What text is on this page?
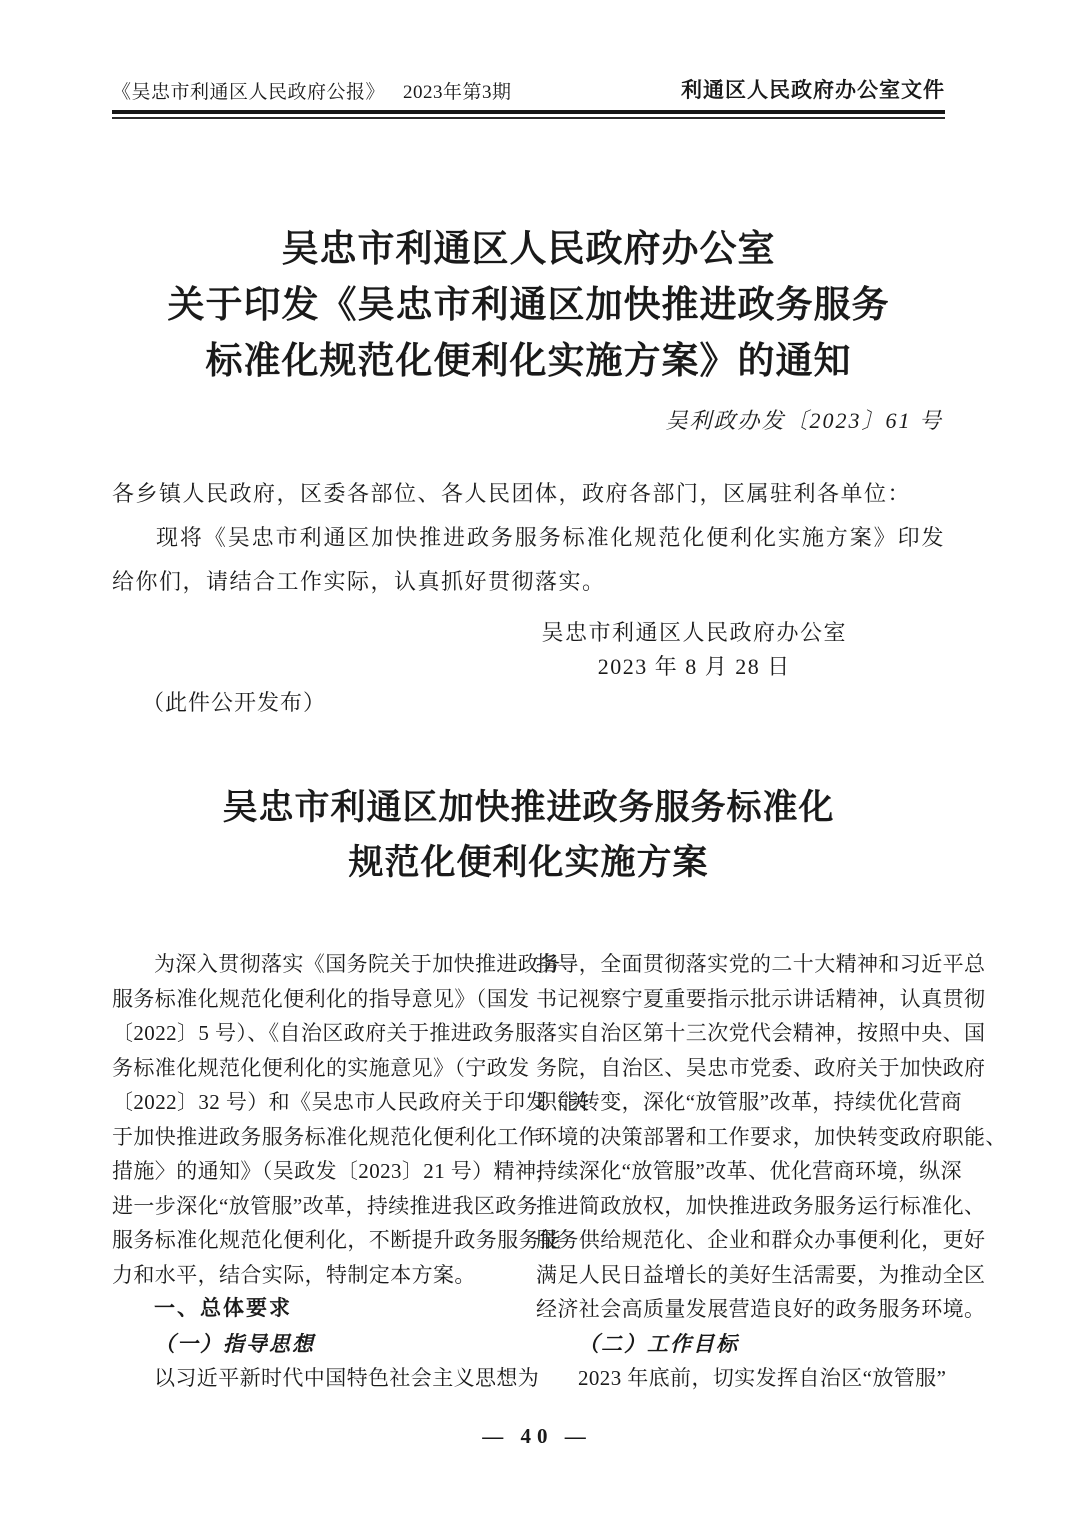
《吴忠市利通区人民政府公报》 2023年第3期	利通区人民政府办公室文件
吴忠市利通区人民政府办公室
关于印发《吴忠市利通区加快推进政务服务
标准化规范化便利化实施方案》的通知
吴利政办发〔2023〕61 号

各乡镇人民政府，区委各部位、各人民团体，政府各部门，区属驻利各单位：

现将《吴忠市利通区加快推进政务服务标准化规范化便利化实施方案》印发给你们，请结合工作实际，认真抓好贯彻落实。

吴忠市利通区人民政府办公室
2023 年 8 月 28 日
（此件公开发布）
吴忠市利通区加快推进政务服务标准化
规范化便利化实施方案
为深入贯彻落实《国务院关于加快推进政务
服务标准化规范化便利化的指导意见》（国发
〔2022〕5 号）、《自治区政府关于推进政务服
务标准化规范化便利化的实施意见》（宁政发
〔2022〕32 号）和《吴忠市人民政府关于印发〈关
于加快推进政务服务标准化规范化便利化工作
措施〉的通知》（吴政发〔2023〕21 号）精神，
进一步深化“放管服”改革，持续推进我区政务
服务标准化规范化便利化，不断提升政务服务能
力和水平，结合实际，特制定本方案。
一、总体要求
（一）指导思想
以习近平新时代中国特色社会主义思想为
指导，全面贯彻落实党的二十大精神和习近平总
书记视察宁夏重要指示批示讲话精神，认真贯彻
落实自治区第十三次党代会精神，按照中央、国
务院，自治区、吴忠市党委、政府关于加快政府
职能转变，深化“放管服”改革，持续优化营商
环境的决策部署和工作要求，加快转变政府职能、
持续深化“放管服”改革、优化营商环境，纵深
推进简政放权，加快推进政务服务运行标准化、
服务供给规范化、企业和群众办事便利化，更好
满足人民日益增长的美好生活需要，为推动全区
经济社会高质量发展营造良好的政务服务环境。
（二）工作目标
2023 年底前，切实发挥自治区“放管服”
— 40 —
